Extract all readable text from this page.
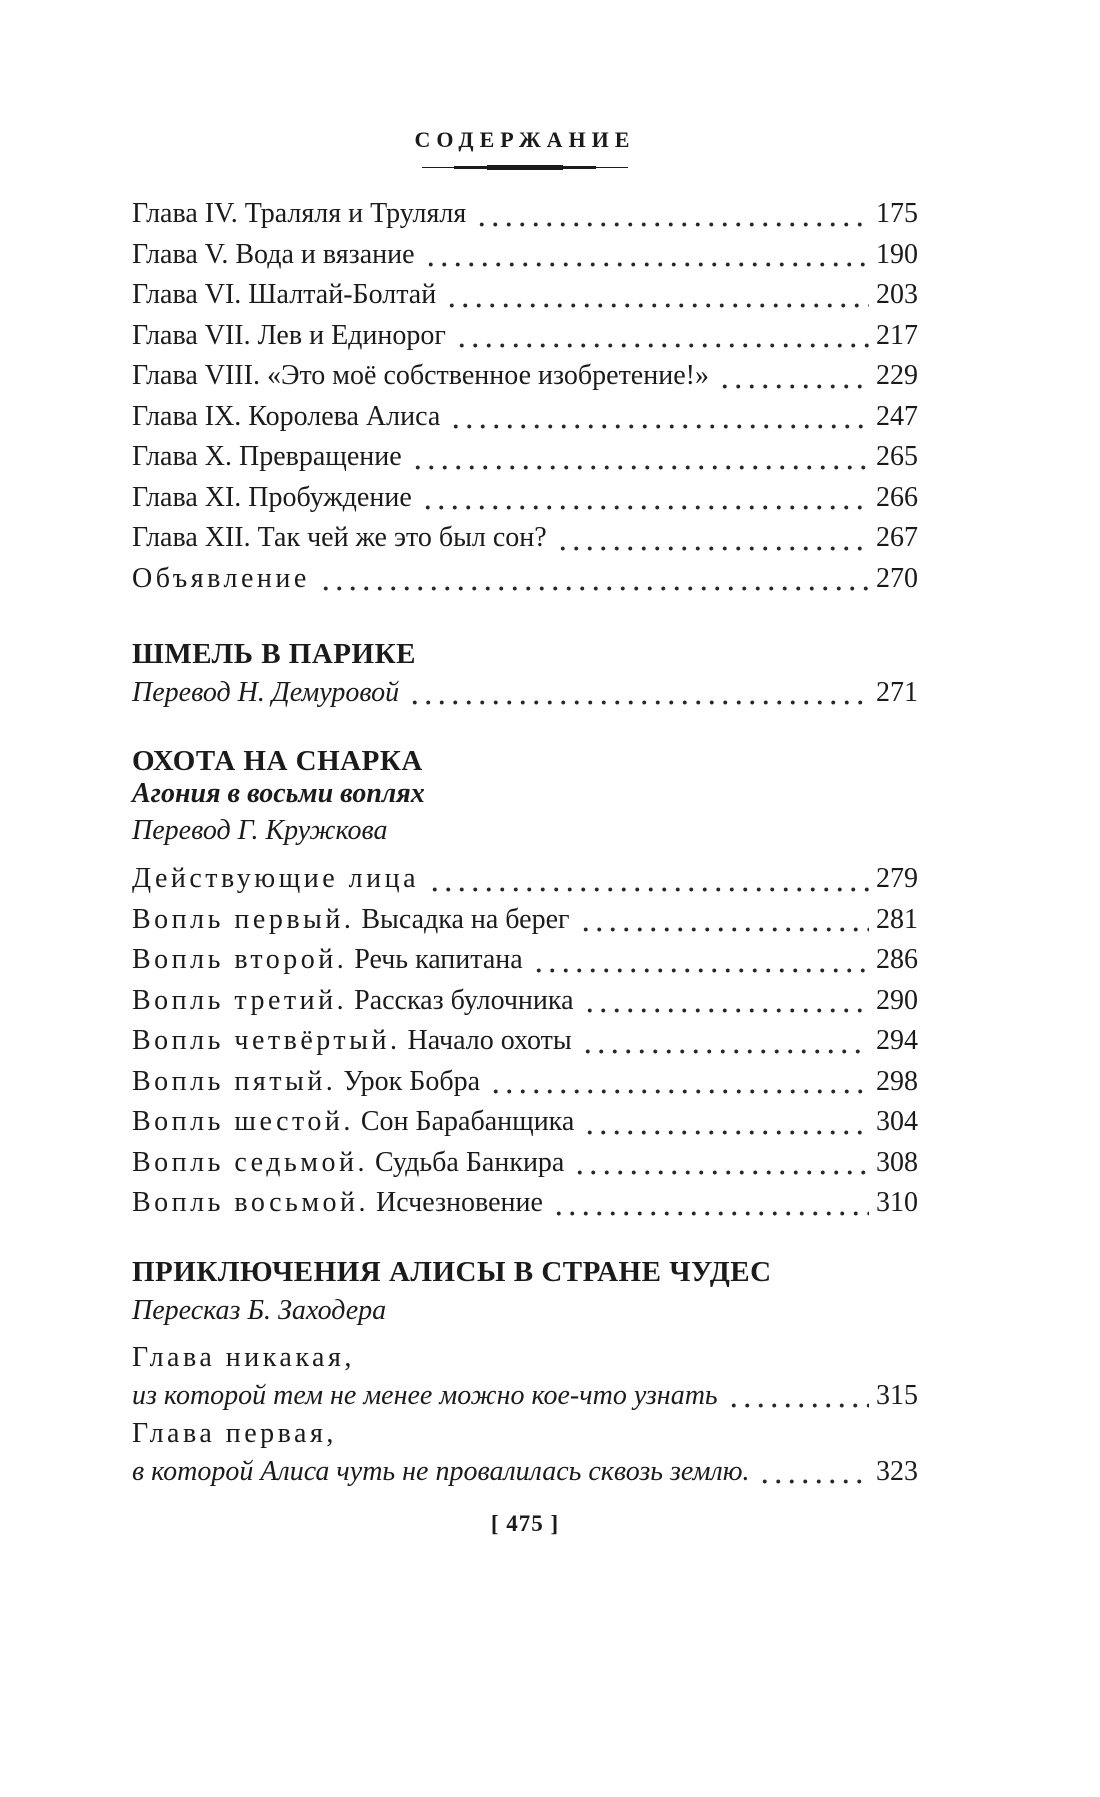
СОДЕРЖАНИЕ
Глава IV. Траляля и Труляля	175
Глава V. Вода и вязание	190
Глава VI. Шалтай-Болтай	203
Глава VII. Лев и Единорог	217
Глава VIII. «Это моё собственное изобретение!»	229
Глава IX. Королева Алиса	247
Глава X. Превращение	265
Глава XI. Пробуждение	266
Глава XII. Так чей же это был сон?	267
Объявление	270
ШМЕЛЬ В ПАРИКЕ
Перевод Н. Демуровой	271
ОХОТА НА СНАРКА
Агония в восьми воплях
Перевод Г. Кружкова
Действующие лица	279
Вопль первый. Высадка на берег	281
Вопль второй. Речь капитана	286
Вопль третий. Рассказ булочника	290
Вопль четвёртый. Начало охоты	294
Вопль пятый. Урок Бобра	298
Вопль шестой. Сон Барабанщика	304
Вопль седьмой. Судьба Банкира	308
Вопль восьмой. Исчезновение	310
ПРИКЛЮЧЕНИЯ АЛИСЫ В СТРАНЕ ЧУДЕС
Пересказ Б. Заходера
Глава никакая,
из которой тем не менее можно кое-что узнать	315
Глава первая,
в которой Алиса чуть не провалилась сквозь землю.	323
[ 475 ]
